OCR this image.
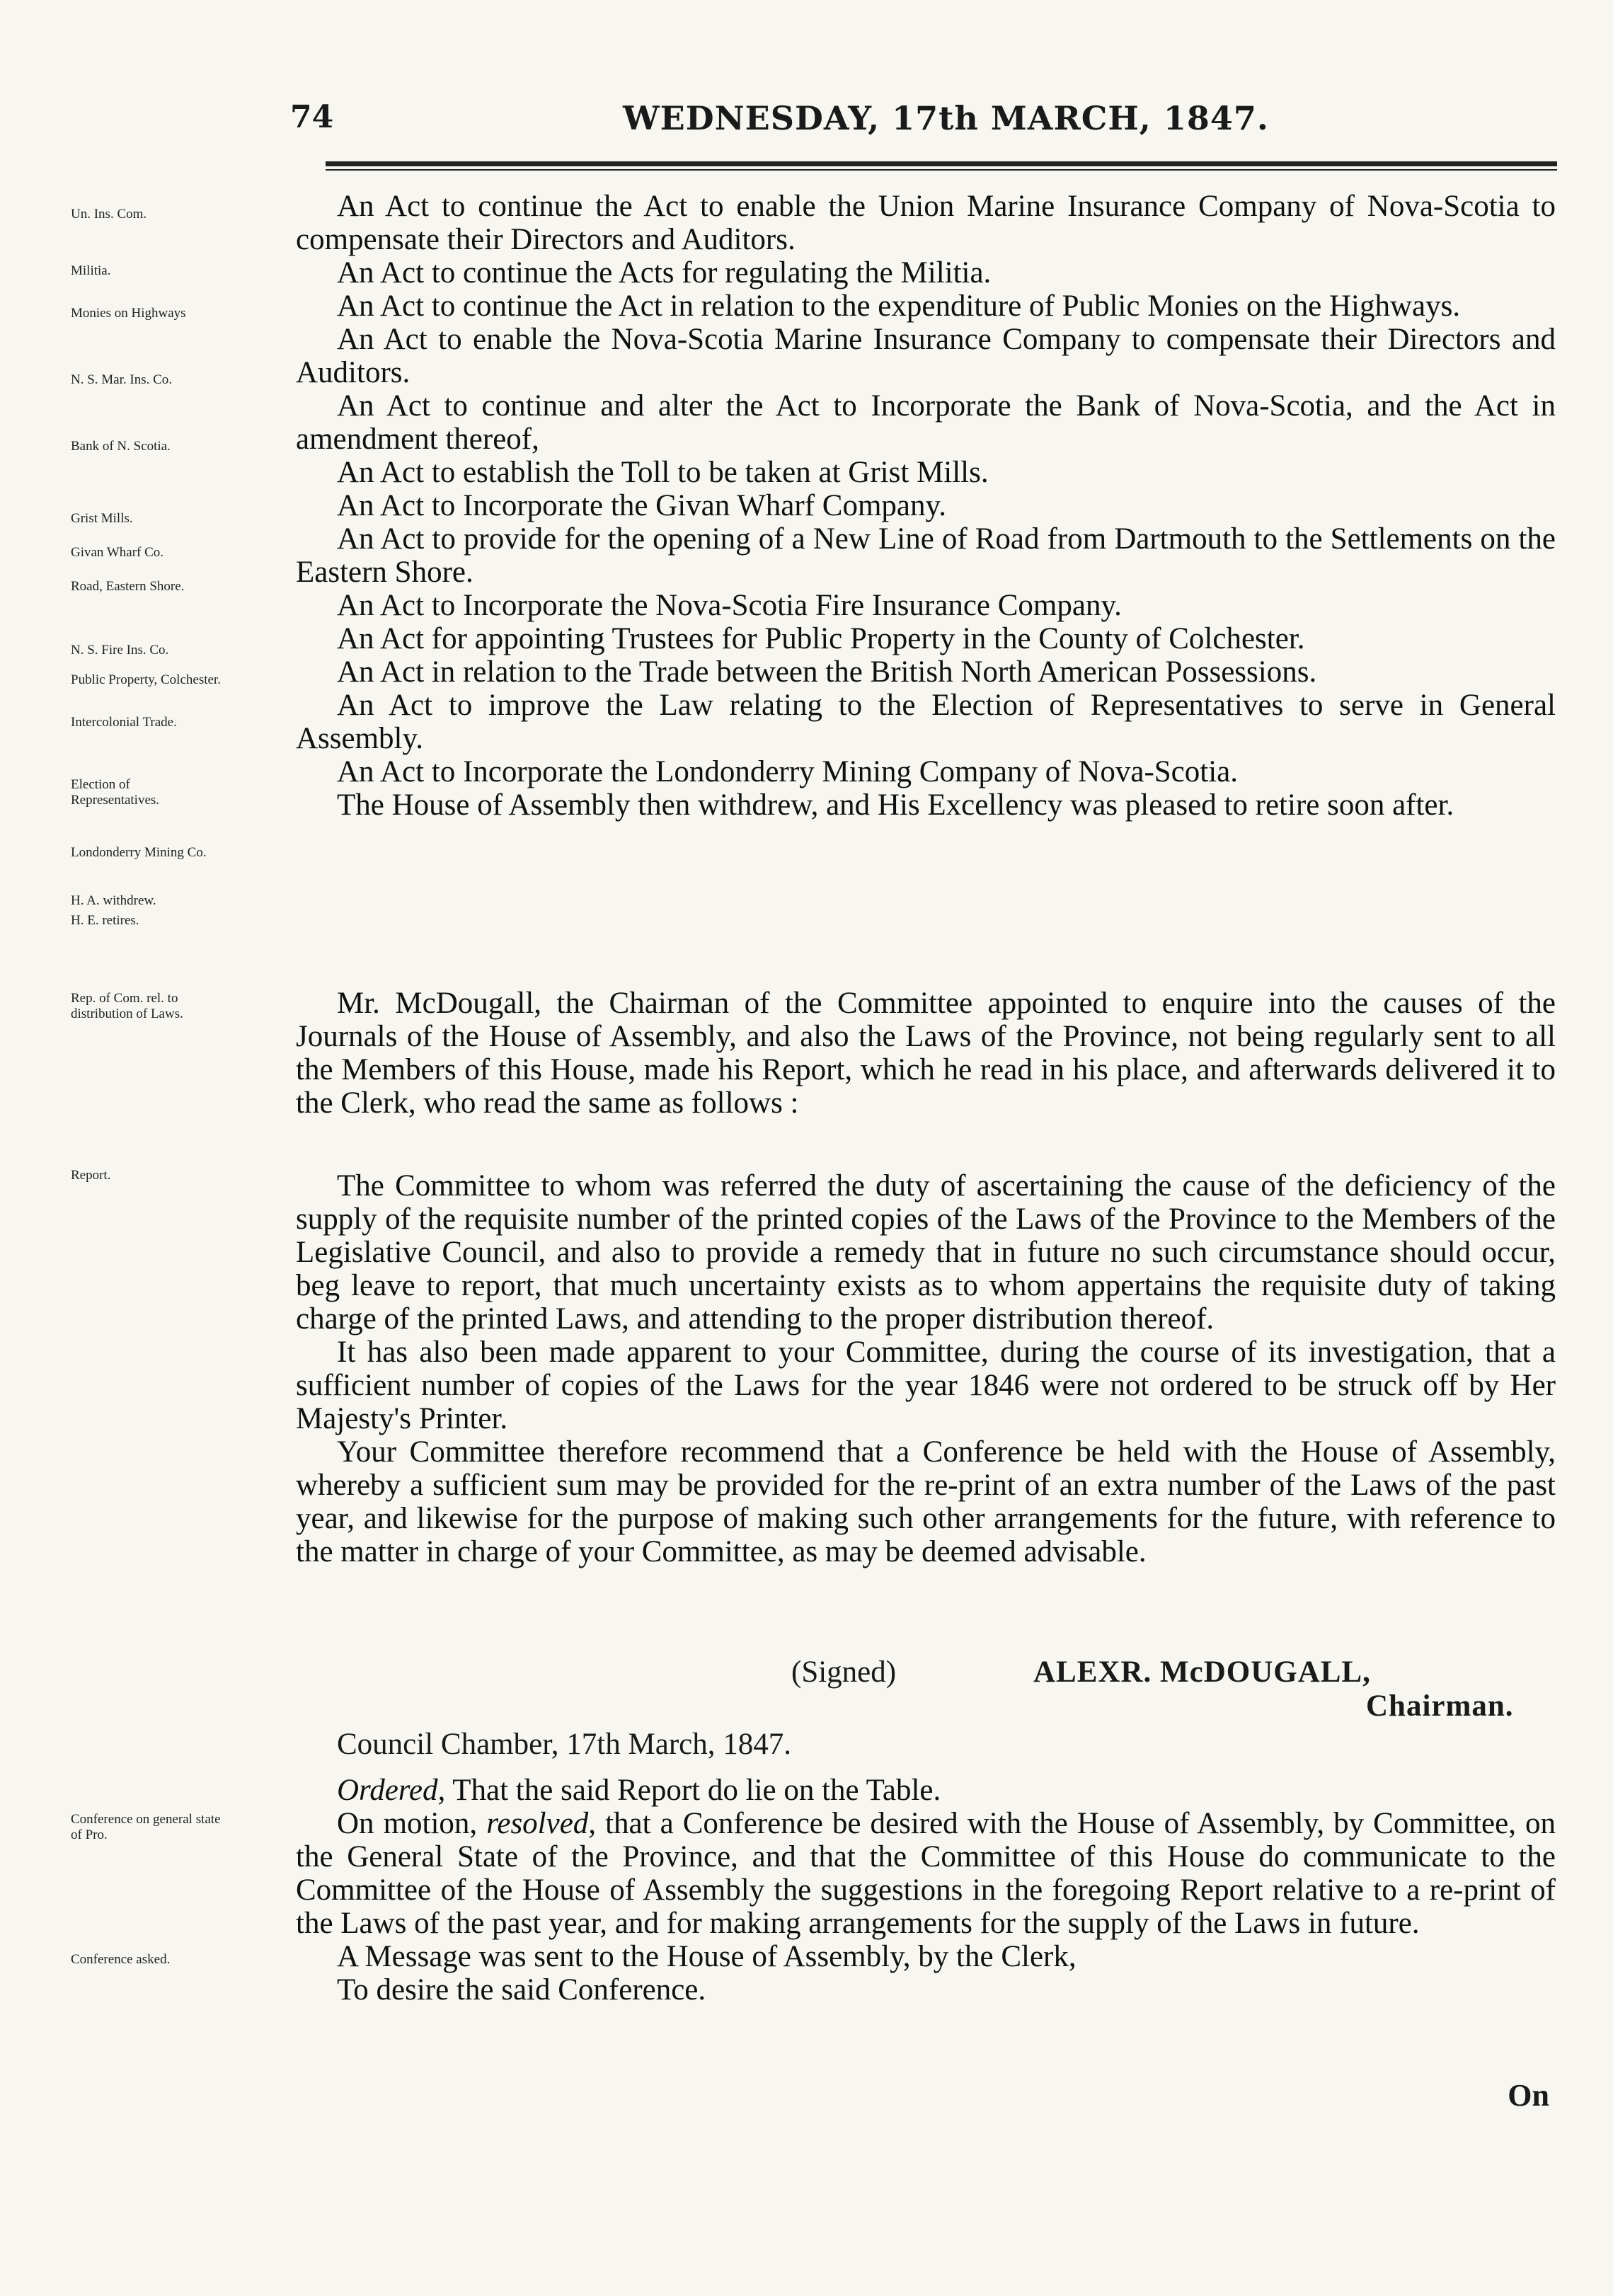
74	WEDNESDAY, 17th MARCH, 1847.
Un. Ins. Com.
Militia.
Monies on Highways
N. S. Mar. Ins. Co.
Bank of N. Scotia.
Grist Mills.
Givan Wharf Co.
Road, Eastern Shore.
N. S. Fire Ins. Co.
Public Property, Colchester.
Intercolonial Trade.
Election of Representatives.
Londonderry Mining Co.
H. A. withdrew.
H. E. retires.
Rep. of Com. rel. to distribution of Laws.
Report.
Conference on general state of Pro.
Conference asked.

An Act to continue the Act to enable the Union Marine Insurance Company of Nova-Scotia to compensate their Directors and Auditors.

An Act to continue the Acts for regulating the Militia.

An Act to continue the Act in relation to the expenditure of Public Monies on the Highways.

An Act to enable the Nova-Scotia Marine Insurance Company to compensate their Directors and Auditors.

An Act to continue and alter the Act to Incorporate the Bank of Nova-Scotia, and the Act in amendment thereof,

An Act to establish the Toll to be taken at Grist Mills.

An Act to Incorporate the Givan Wharf Company.

An Act to provide for the opening of a New Line of Road from Dartmouth to the Settlements on the Eastern Shore.

An Act to Incorporate the Nova-Scotia Fire Insurance Company.

An Act for appointing Trustees for Public Property in the County of Colchester.

An Act in relation to the Trade between the British North American Possessions.

An Act to improve the Law relating to the Election of Representatives to serve in General Assembly.

An Act to Incorporate the Londonderry Mining Company of Nova-Scotia.

The House of Assembly then withdrew, and His Excellency was pleased to retire soon after.

Mr. McDougall, the Chairman of the Committee appointed to enquire into the causes of the Journals of the House of Assembly, and also the Laws of the Province, not being regularly sent to all the Members of this House, made his Report, which he read in his place, and afterwards delivered it to the Clerk, who read the same as follows :

The Committee to whom was referred the duty of ascertaining the cause of the deficiency of the supply of the requisite number of the printed copies of the Laws of the Province to the Members of the Legislative Council, and also to provide a remedy that in future no such circumstance should occur, beg leave to report, that much uncertainty exists as to whom appertains the requisite duty of taking charge of the printed Laws, and attending to the proper distribution thereof.

It has also been made apparent to your Committee, during the course of its investigation, that a sufficient number of copies of the Laws for the year 1846 were not ordered to be struck off by Her Majesty's Printer.

Your Committee therefore recommend that a Conference be held with the House of Assembly, whereby a sufficient sum may be provided for the re-print of an extra number of the Laws of the past year, and likewise for the purpose of making such other arrangements for the future, with reference to the matter in charge of your Committee, as may be deemed advisable.

(Signed)	ALEXR. McDOUGALL,
Chairman.
Council Chamber, 17th March, 1847.

Ordered, That the said Report do lie on the Table.

On motion, resolved, that a Conference be desired with the House of Assembly, by Committee, on the General State of the Province, and that the Committee of this House do communicate to the Committee of the House of Assembly the suggestions in the foregoing Report relative to a re-print of the Laws of the past year, and for making arrangements for the supply of the Laws in future.

A Message was sent to the House of Assembly, by the Clerk,

To desire the said Conference.

On
